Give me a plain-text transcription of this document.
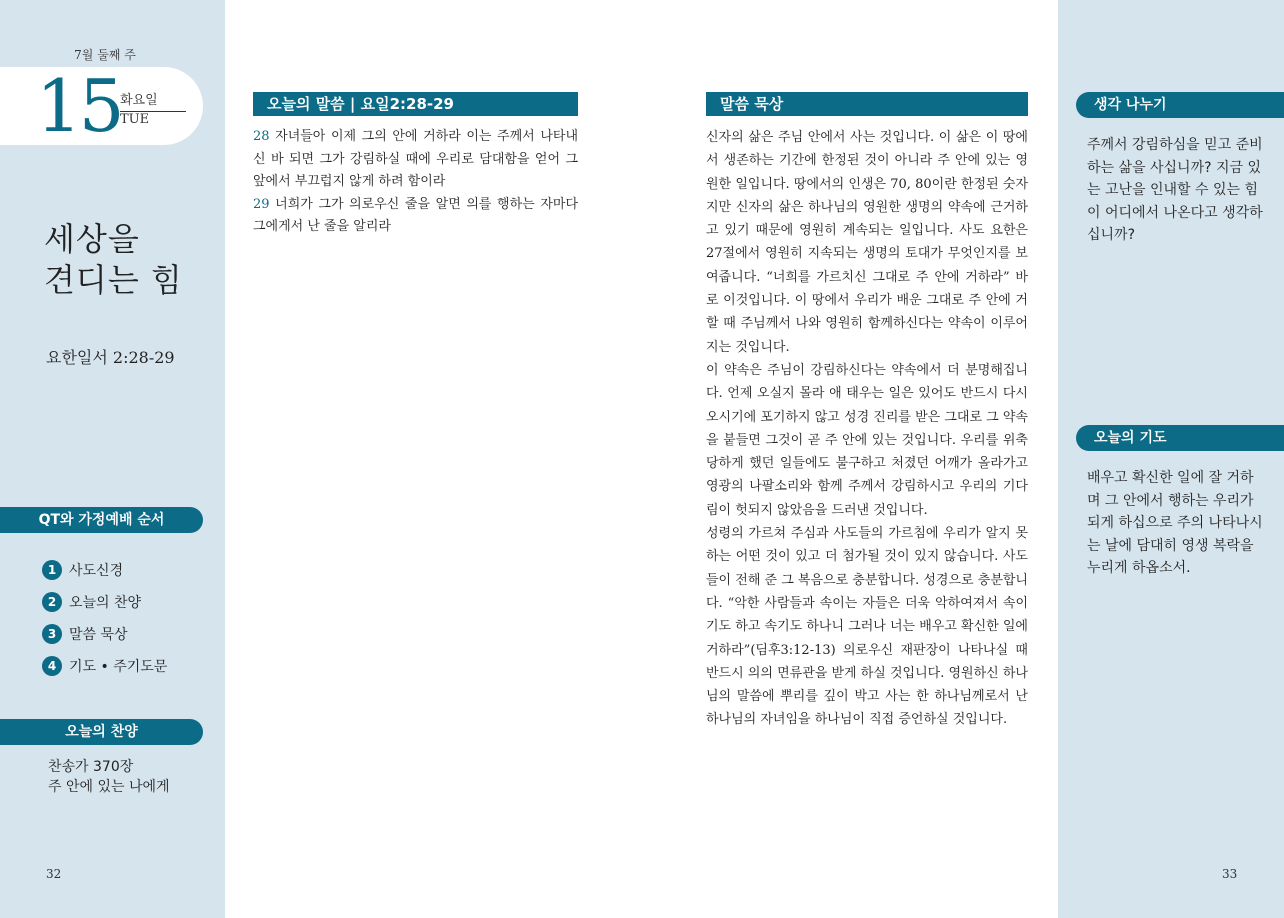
7월 둘째 주
15
화요일
TUE
세상을
견디는 힘
요한일서 2:28-29
QT와 가정예배 순서
1 사도신경
2 오늘의 찬양
3 말씀 묵상
4 기도 • 주기도문
오늘의 찬양
찬송가 370장
주 안에 있는 나에게
32
오늘의 말씀 | 요일2:28-29
28 자녀들아 이제 그의 안에 거하라 이는 주께서 나타내신 바 되면 그가 강림하실 때에 우리로 담대함을 얻어 그 앞에서 부끄럽지 않게 하려 함이라
29 너희가 그가 의로우신 줄을 알면 의를 행하는 자마다 그에게서 난 줄을 알리라
말씀 묵상

신자의 삶은 주님 안에서 사는 것입니다. 이 삶은 이 땅에서 생존하는 기간에 한정된 것이 아니라 주 안에 있는 영원한 일입니다. 땅에서의 인생은 70, 80이란 한정된 숫자지만 신자의 삶은 하나님의 영원한 생명의 약속에 근거하고 있기 때문에 영원히 계속되는 일입니다. 사도 요한은 27절에서 영원히 지속되는 생명의 토대가 무엇인지를 보여줍니다. “너희를 가르치신 그대로 주 안에 거하라” 바로 이것입니다. 이 땅에서 우리가 배운 그대로 주 안에 거할 때 주님께서 나와 영원히 함께하신다는 약속이 이루어지는 것입니다.

이 약속은 주님이 강림하신다는 약속에서 더 분명해집니다. 언제 오실지 몰라 애 태우는 일은 있어도 반드시 다시 오시기에 포기하지 않고 성경 진리를 받은 그대로 그 약속을 붙들면 그것이 곧 주 안에 있는 것입니다. 우리를 위축당하게 했던 일들에도 불구하고 처졌던 어깨가 올라가고 영광의 나팔소리와 함께 주께서 강림하시고 우리의 기다림이 헛되지 않았음을 드러낸 것입니다.

성령의 가르쳐 주심과 사도들의 가르침에 우리가 알지 못하는 어떤 것이 있고 더 첨가될 것이 있지 않습니다. 사도들이 전해 준 그 복음으로 충분합니다. 성경으로 충분합니다. “악한 사람들과 속이는 자들은 더욱 악하여져서 속이기도 하고 속기도 하나니 그러나 너는 배우고 확신한 일에 거하라”(딤후3:12-13) 의로우신 재판장이 나타나실 때 반드시 의의 면류관을 받게 하실 것입니다. 영원하신 하나님의 말씀에 뿌리를 깊이 박고 사는 한 하나님께로서 난 하나님의 자녀임을 하나님이 직접 증언하실 것입니다.

생각 나누기
주께서 강림하심을 믿고 준비하는 삶을 사십니까? 지금 있는 고난을 인내할 수 있는 힘이 어디에서 나온다고 생각하십니까?
오늘의 기도
배우고 확신한 일에 잘 거하며 그 안에서 행하는 우리가 되게 하십으로 주의 나타나시는 날에 담대히 영생 복락을 누리게 하옵소서.
33
